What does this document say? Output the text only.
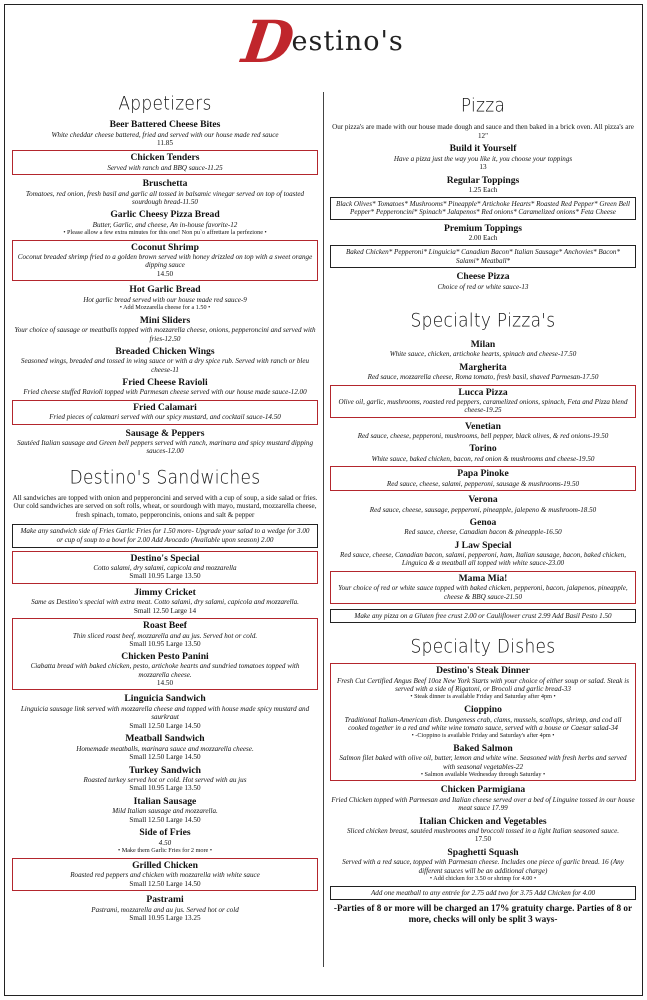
Destino's
Appetizers
Beer Battered Cheese Bites
White cheddar cheese battered, fried and served with our house made red sauce
11.85
Chicken Tenders
Served with ranch and BBQ sauce-11.25
Bruschetta
Tomatoes, red onion, fresh basil and garlic all tossed in balsamic vinegar served on top of toasted sourdough bread-11.50
Garlic Cheesy Pizza Bread
Butter, Garlic, and cheese, An in-house favorite-12
• Please allow a few extra minutes for this one! Non pu`o affrettare la perfezione •
Coconut Shrimp
Coconut breaded shrimp fried to a golden brown served with honey drizzled on top with a sweet orange dipping sauce
14.50
Hot Garlic Bread
Hot garlic bread served with our house made red sauce-9
• Add Mozzarella cheese for a 1.50 •
Mini Sliders
Your choice of sausage or meatballs topped with mozzarella cheese, onions, pepperoncini and served with fries-12.50
Breaded Chicken Wings
Seasoned wings, breaded and tossed in wing sauce or with a dry spice rub. Served with ranch or bleu cheese-11
Fried Cheese Ravioli
Fried cheese stuffed Ravioli topped with Parmesan cheese served with our house made sauce-12.00
Fried Calamari
Fried pieces of calamari served with our spicy mustard, and cocktail sauce-14.50
Sausage & Peppers
Sautéed Italian sausage and Green bell peppers served with ranch, marinara and spicy mustard dipping sauces-12.00
Destino's Sandwiches
All sandwiches are topped with onion and pepperoncini and served with a cup of soup, a side salad or fries. Our cold sandwiches are served on soft rolls, wheat, or sourdough with mayo, mustard, mozzarella cheese, fresh spinach, tomato, pepperoncinis, onions and salt & pepper
Make any sandwich side of Fries Garlic Fries for 1.50 more- Upgrade your salad to a wedge for 3.00 or cup of soup to a bowl for 2.00 Add Avocado (Available upon season) 2.00
Destino's Special
Cotto salami, dry salami, capicola and mozzarella
Small 10.95 Large 13.50
Jimmy Cricket
Same as Destino's special with extra meat. Cotto salami, dry salami, capicola and mozzarella.
Small 12.50 Large 14
Roast Beef
Thin sliced roast beef, mozzarella and au jus. Served hot or cold.
Small 10.95 Large 13.50
Chicken Pesto Panini
Ciabatta bread with baked chicken, pesto, artichoke hearts and sundried tomatoes topped with mozzarella cheese.
14.50
Linguicia Sandwich
Linguicia sausage link served with mozzarella cheese and topped with house made spicy mustard and saurkraut
Small 12.50 Large 14.50
Meatball Sandwich
Homemade meatballs, marinara sauce and mozzarella cheese.
Small 12.50 Large 14.50
Turkey Sandwich
Roasted turkey served hot or cold. Hot served with au jus
Small 10.95 Large 13.50
Italian Sausage
Mild Italian sausage and mozzarella.
Small 12.50 Large 14.50
Side of Fries
4.50
• Make them Garlic Fries for 2 more •
Grilled Chicken
Roasted red peppers and chicken with mozzarella with white sauce
Small 12.50 Large 14.50
Pastrami
Pastrami, mozzarella and au jus. Served hot or cold
Small 10.95 Large 13.25
Pizza
Our pizza's are made with our house made dough and sauce and then baked in a brick oven. All pizza's are 12"
Build it Yourself
Have a pizza just the way you like it, you choose your toppings
13
Regular Toppings
1.25 Each
Black Olives* Tomatoes* Mushrooms* Pineapple* Artichoke Hearts* Roasted Red Pepper* Green Bell Pepper* Pepperoncini* Spinach* Jalapenos* Red onions* Caramelized onions* Feta Cheese
Premium Toppings
2.00 Each
Baked Chicken* Pepperoni* Linguicia* Canadian Bacon* Italian Sausage* Anchovies* Bacon* Salami* Meatball*
Cheese Pizza
Choice of red or white sauce-13
Specialty Pizza's
Milan
White sauce, chicken, artichoke hearts, spinach and cheese-17.50
Margherita
Red sauce, mozzarella cheese, Roma tomato, fresh basil, shaved Parmesan-17.50
Lucca Pizza
Olive oil, garlic, mushrooms, roasted red peppers, caramelized onions, spinach, Feta and Pizza blend cheese-19.25
Venetian
Red sauce, cheese, pepperoni, mushrooms, bell pepper, black olives, & red onions-19.50
Torino
White sauce, baked chicken, bacon, red onion & mushrooms and cheese-19.50
Papa Pinoke
Red sauce, cheese, salami, pepperoni, sausage & mushrooms-19.50
Verona
Red sauce, cheese, sausage, pepperoni, pineapple, jalepeno & mushroom-18.50
Genoa
Red sauce, cheese, Canadian bacon & pineapple-16.50
J Law Special
Red sauce, cheese, Canadian bacon, salami, pepperoni, ham, Italian sausage, bacon, baked chicken, Linguica & a meatball all topped with white sauce-23.00
Mama Mia!
Your choice of red or white sauce topped with baked chicken, pepperoni, bacon, jalapenos, pineapple, cheese & BBQ sauce-21.50
Make any pizza on a Gluten free crust 2.00 or Cauliflower crust 2.99 Add Basil Pesto 1.50
Specialty Dishes
Destino's Steak Dinner
Fresh Cut Certified Angus Beef 10oz New York Starts with your choice of either soup or salad. Steak is served with a side of Rigatoni, or Brocoli and garlic bread-33
• Steak dinner is available Friday and Saturday after 4pm •
Cioppino
Traditional Italian-American dish. Dungeness crab, clams, mussels, scallops, shrimp, and cod all cooked together in a red and white wine tomato sauce, served with a house or Caesar salad-34
• -Cioppino is available Friday and Saturday's after 4pm •
Baked Salmon
Salmon filet baked with olive oil, butter, lemon and white wine. Seasoned with fresh herbs and served with seasonal vegetables-22
• Salmon available Wednesday through Saturday •
Chicken Parmigiana
Fried Chicken topped with Parmesan and Italian cheese served over a bed of Linguine tossed in our house meat sauce 17.99
Italian Chicken and Vegetables
Sliced chicken breast, sautéed mushrooms and broccoli tossed in a light Italian seasoned sauce.
17.50
Spaghetti Squash
Served with a red sauce, topped with Parmesan cheese. Includes one piece of garlic bread. 16 (Any different sauces will be an additional charge)
• Add chicken for 3.50 or shrimp for 4.00 •
Add one meatball to any entrée for 2.75 add two for 3.75 Add Chicken for 4.00
-Parties of 8 or more will be charged an 17% gratuity charge. Parties of 8 or more, checks will only be split 3 ways-
